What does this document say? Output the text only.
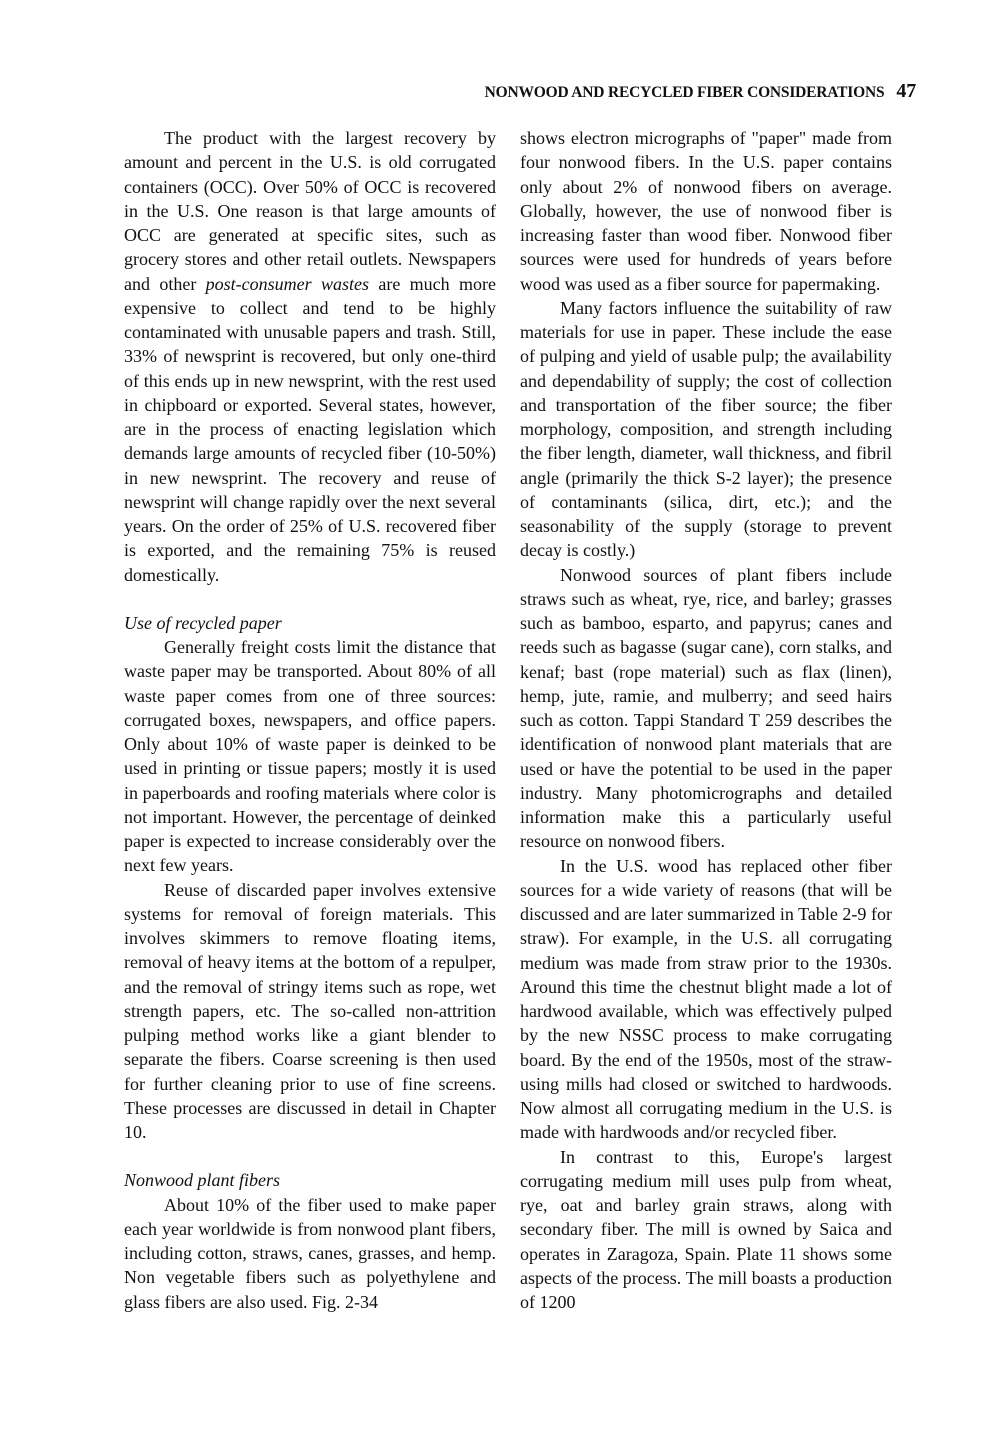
NONWOOD AND RECYCLED FIBER CONSIDERATIONS 47

The product with the largest recovery by amount and percent in the U.S. is old corrugated containers (OCC). Over 50% of OCC is recovered in the U.S. One reason is that large amounts of OCC are generated at specific sites, such as grocery stores and other retail outlets. Newspapers and other post-consumer wastes are much more expensive to collect and tend to be highly contaminated with unusable papers and trash. Still, 33% of newsprint is recovered, but only one-third of this ends up in new newsprint, with the rest used in chipboard or exported. Several states, however, are in the process of enacting legislation which demands large amounts of recycled fiber (10-50%) in new newsprint. The recovery and reuse of newsprint will change rapidly over the next several years. On the order of 25% of U.S. recovered fiber is exported, and the remaining 75% is reused domestically.

Use of recycled paper

Generally freight costs limit the distance that waste paper may be transported. About 80% of all waste paper comes from one of three sources: corrugated boxes, newspapers, and office papers. Only about 10% of waste paper is deinked to be used in printing or tissue papers; mostly it is used in paperboards and roofing materials where color is not important. However, the percentage of deinked paper is expected to increase considerably over the next few years.

Reuse of discarded paper involves extensive systems for removal of foreign materials. This involves skimmers to remove floating items, removal of heavy items at the bottom of a repulper, and the removal of stringy items such as rope, wet strength papers, etc. The so-called non-attrition pulping method works like a giant blender to separate the fibers. Coarse screening is then used for further cleaning prior to use of fine screens. These processes are discussed in detail in Chapter 10.

Nonwood plant fibers

About 10% of the fiber used to make paper each year worldwide is from nonwood plant fibers, including cotton, straws, canes, grasses, and hemp. Non vegetable fibers such as polyethylene and glass fibers are also used. Fig. 2-34

shows electron micrographs of "paper" made from four nonwood fibers. In the U.S. paper contains only about 2% of nonwood fibers on average. Globally, however, the use of nonwood fiber is increasing faster than wood fiber. Nonwood fiber sources were used for hundreds of years before wood was used as a fiber source for papermaking.

Many factors influence the suitability of raw materials for use in paper. These include the ease of pulping and yield of usable pulp; the availability and dependability of supply; the cost of collection and transportation of the fiber source; the fiber morphology, composition, and strength including the fiber length, diameter, wall thickness, and fibril angle (primarily the thick S-2 layer); the presence of contaminants (silica, dirt, etc.); and the seasonability of the supply (storage to prevent decay is costly.)

Nonwood sources of plant fibers include straws such as wheat, rye, rice, and barley; grasses such as bamboo, esparto, and papyrus; canes and reeds such as bagasse (sugar cane), corn stalks, and kenaf; bast (rope material) such as flax (linen), hemp, jute, ramie, and mulberry; and seed hairs such as cotton. Tappi Standard T 259 describes the identification of nonwood plant materials that are used or have the potential to be used in the paper industry. Many photomicrographs and detailed information make this a particularly useful resource on nonwood fibers.

In the U.S. wood has replaced other fiber sources for a wide variety of reasons (that will be discussed and are later summarized in Table 2-9 for straw). For example, in the U.S. all corrugating medium was made from straw prior to the 1930s. Around this time the chestnut blight made a lot of hardwood available, which was effectively pulped by the new NSSC process to make corrugating board. By the end of the 1950s, most of the straw-using mills had closed or switched to hardwoods. Now almost all corrugating medium in the U.S. is made with hardwoods and/or recycled fiber.

In contrast to this, Europe's largest corrugating medium mill uses pulp from wheat, rye, oat and barley grain straws, along with secondary fiber. The mill is owned by Saica and operates in Zaragoza, Spain. Plate 11 shows some aspects of the process. The mill boasts a production of 1200
